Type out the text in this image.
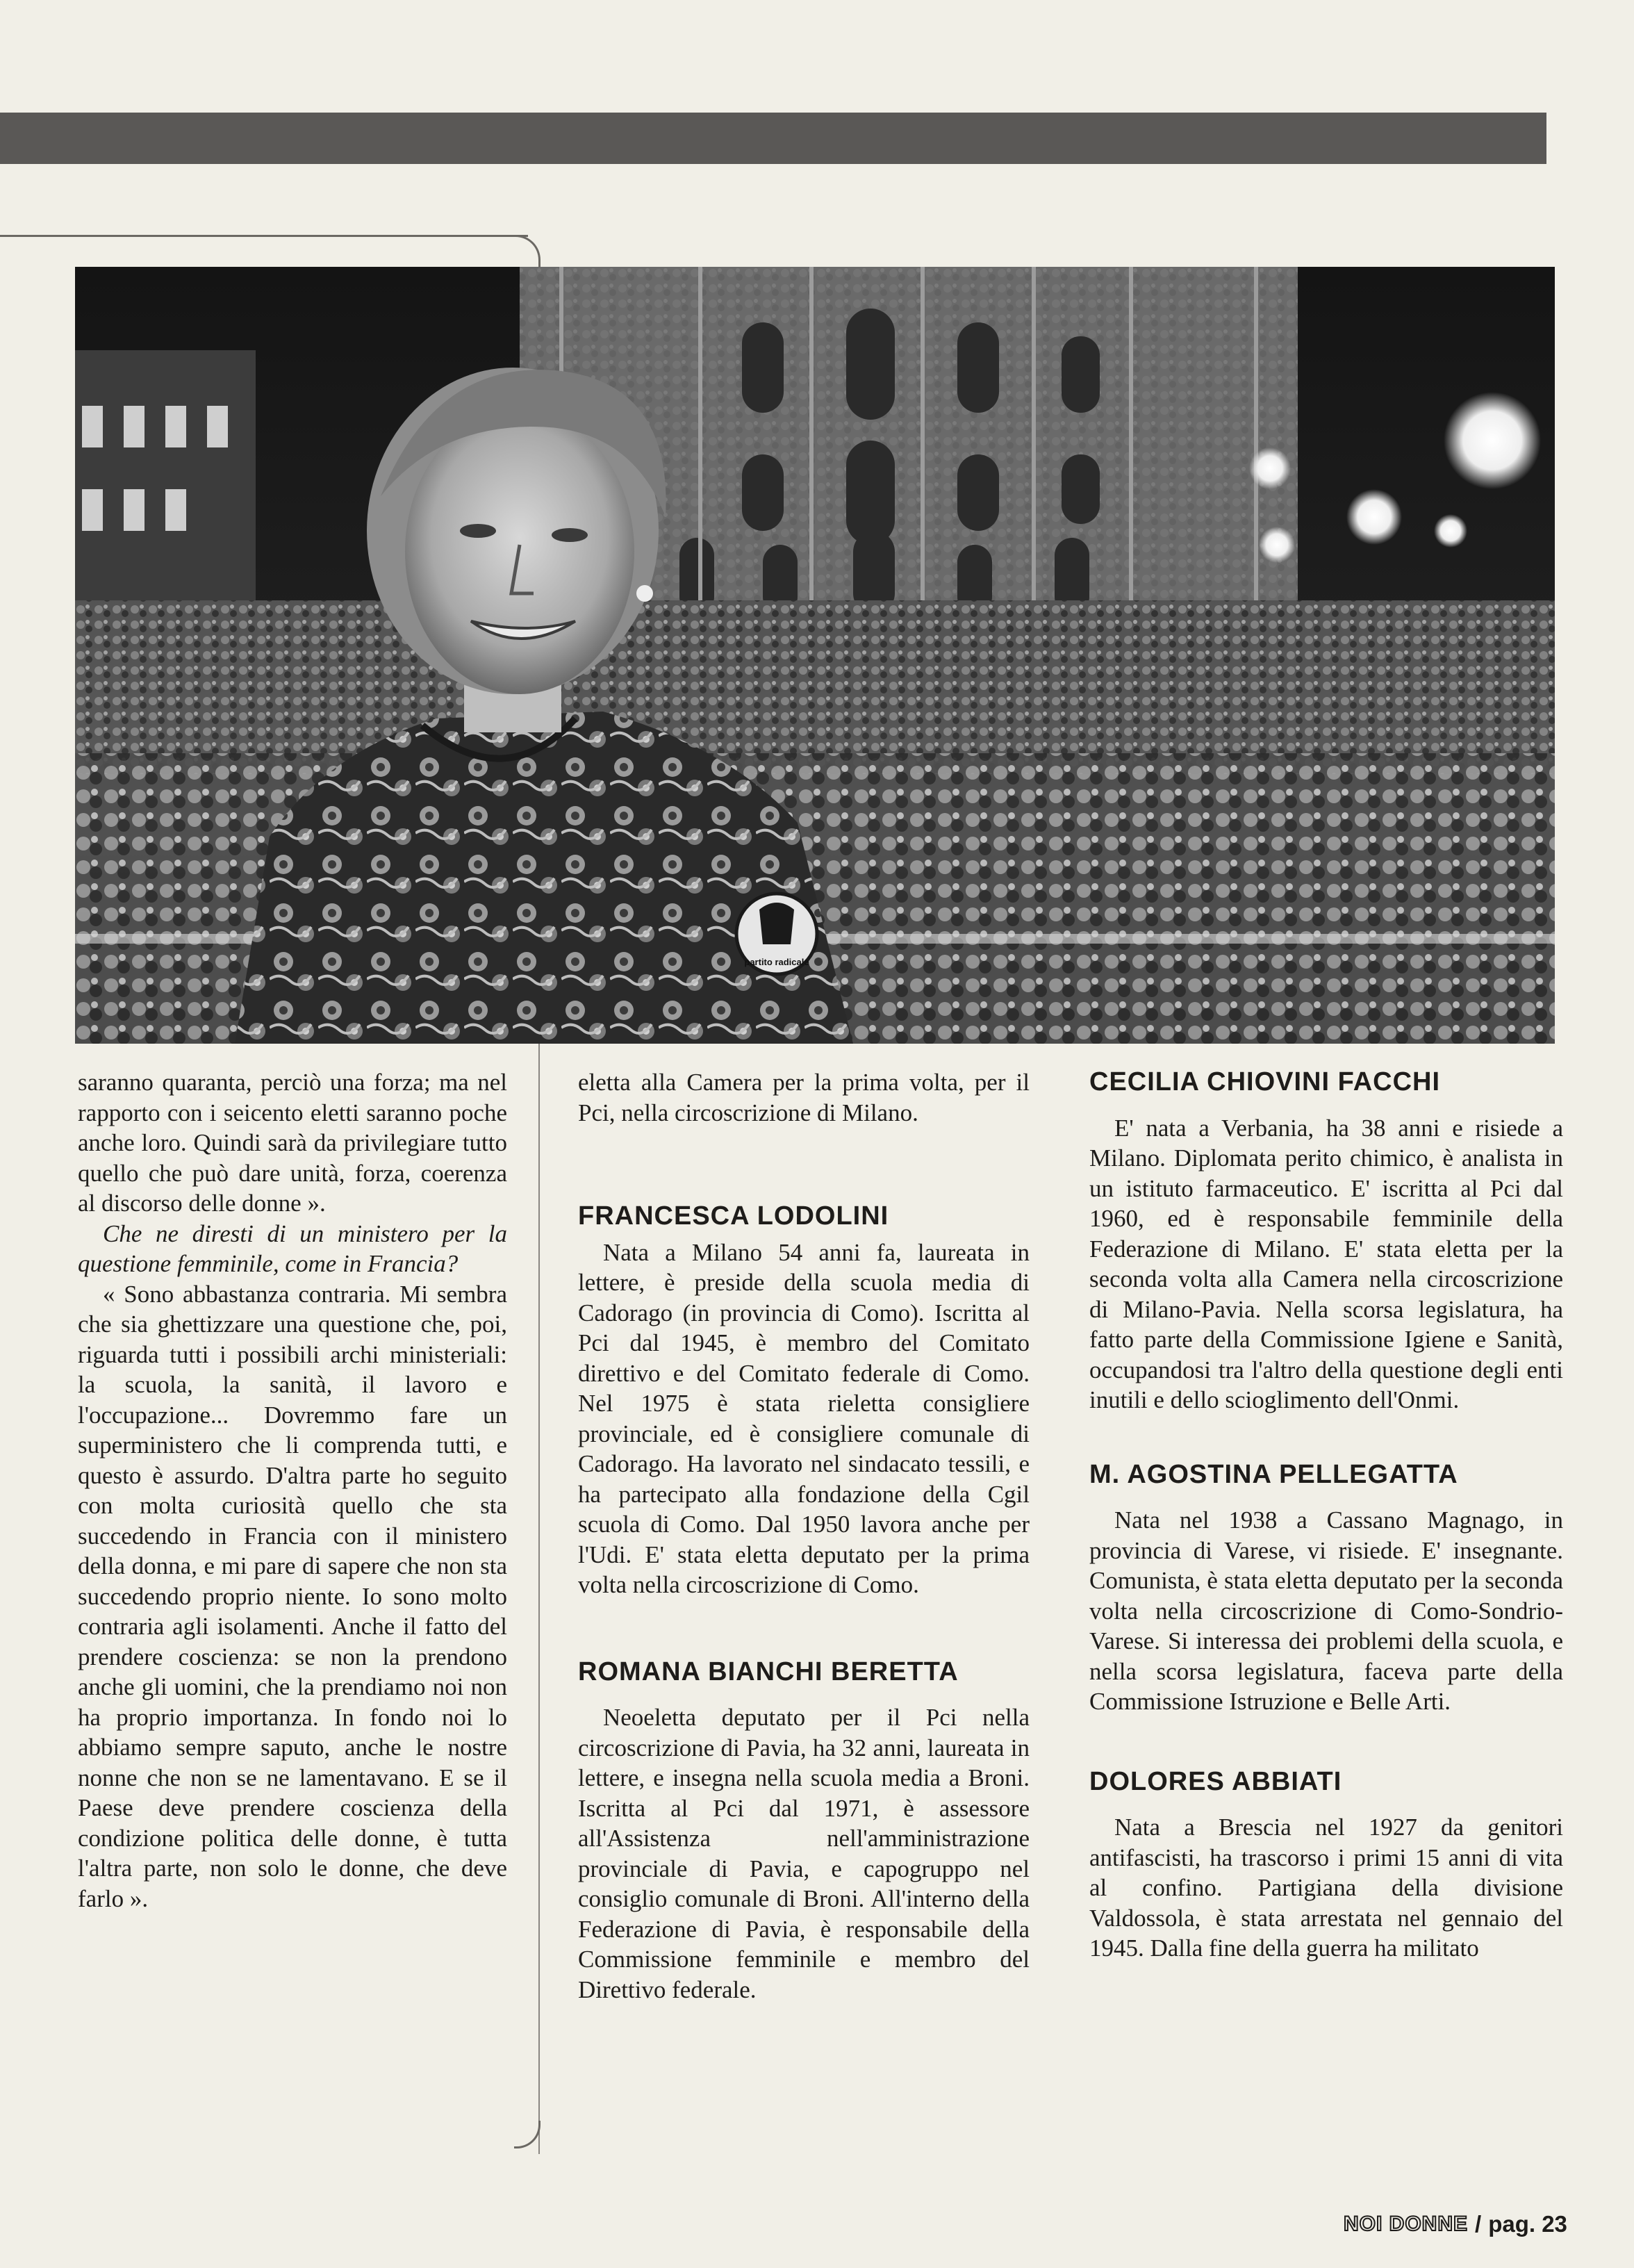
partito radicale

saranno quaranta, perciò una forza; ma nel rapporto con i seicento eletti saranno poche anche loro. Quindi sarà da privilegiare tutto quello che può dare unità, forza, coerenza al discorso delle donne ».

Che ne diresti di un ministero per la questione femminile, come in Francia?

« Sono abbastanza contraria. Mi sembra che sia ghettizzare una questione che, poi, riguarda tutti i possibili archi ministeriali: la scuola, la sanità, il lavoro e l'occupazione... Dovremmo fare un superministero che li comprenda tutti, e questo è assurdo. D'altra parte ho seguito con molta curiosità quello che sta succedendo in Francia con il ministero della donna, e mi pare di sapere che non sta succedendo proprio niente. Io sono molto contraria agli isolamenti. Anche il fatto del prendere coscienza: se non la prendono anche gli uomini, che la prendiamo noi non ha proprio importanza. In fondo noi lo abbiamo sempre saputo, anche le nostre nonne che non se ne lamentavano. E se il Paese deve prendere coscienza della condizione politica delle donne, è tutta l'altra parte, non solo le donne, che deve farlo ».

eletta alla Camera per la prima volta, per il Pci, nella circoscrizione di Milano.

FRANCESCA LODOLINI

Nata a Milano 54 anni fa, laureata in lettere, è preside della scuola media di Cadorago (in provincia di Como). Iscritta al Pci dal 1945, è membro del Comitato direttivo e del Comitato federale di Como. Nel 1975 è stata rieletta consigliere provinciale, ed è consigliere comunale di Cadorago. Ha lavorato nel sindacato tessili, e ha partecipato alla fondazione della Cgil scuola di Como. Dal 1950 lavora anche per l'Udi. E' stata eletta deputato per la prima volta nella circoscrizione di Como.

ROMANA BIANCHI BERETTA

Neoeletta deputato per il Pci nella circoscrizione di Pavia, ha 32 anni, laureata in lettere, e insegna nella scuola media a Broni. Iscritta al Pci dal 1971, è assessore all'Assistenza nell'amministrazione provinciale di Pavia, e capogruppo nel consiglio comunale di Broni. All'interno della Federazione di Pavia, è responsabile della Commissione femminile e membro del Direttivo federale.

CECILIA CHIOVINI FACCHI

E' nata a Verbania, ha 38 anni e risiede a Milano. Diplomata perito chimico, è analista in un istituto farmaceutico. E' iscritta al Pci dal 1960, ed è responsabile femminile della Federazione di Milano. E' stata eletta per la seconda volta alla Camera nella circoscrizione di Milano-Pavia. Nella scorsa legislatura, ha fatto parte della Commissione Igiene e Sanità, occupandosi tra l'altro della questione degli enti inutili e dello scioglimento dell'Onmi.

M. AGOSTINA PELLEGATTA

Nata nel 1938 a Cassano Magnago, in provincia di Varese, vi risiede. E' insegnante. Comunista, è stata eletta deputato per la seconda volta nella circoscrizione di Como-Sondrio-Varese. Si interessa dei problemi della scuola, e nella scorsa legislatura, faceva parte della Commissione Istruzione e Belle Arti.

DOLORES ABBIATI

Nata a Brescia nel 1927 da genitori antifascisti, ha trascorso i primi 15 anni di vita al confino. Partigiana della divisione Valdossola, è stata arrestata nel gennaio del 1945. Dalla fine della guerra ha militato

NOI DONNE / pag. 23
